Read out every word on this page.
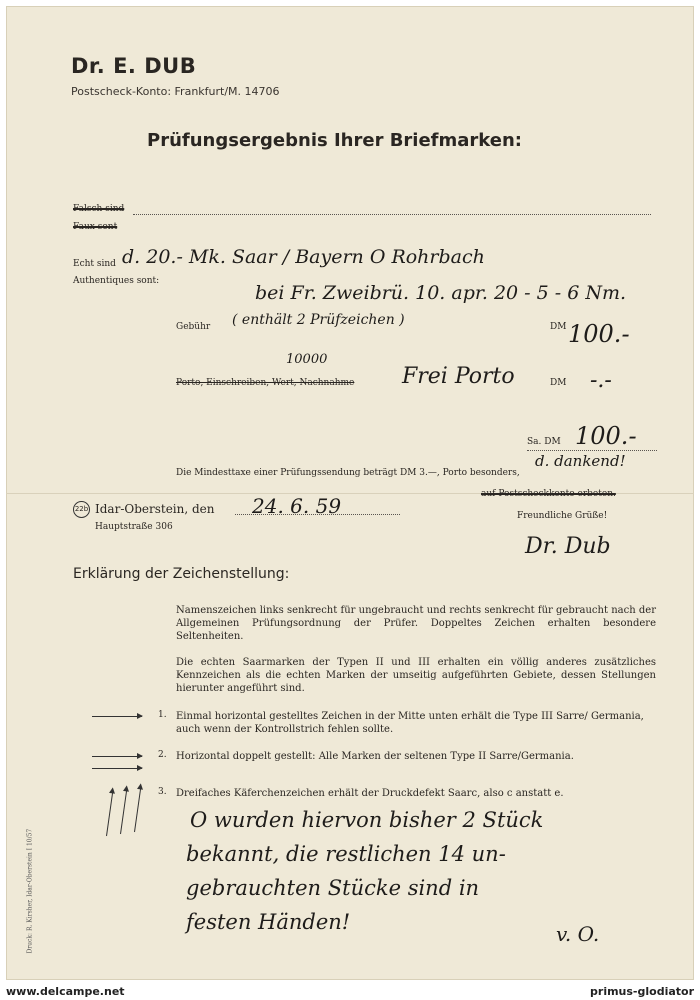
Dr. E. DUB
Postscheck-Konto: Frankfurt/M. 14706
Prüfungsergebnis Ihrer Briefmarken:
Falsch sind
Faux sont
Echt sind d. 20.- Mk. Saar / Bayern O Rohrbach
Authentiques sont:
bei Fr. Zweibrü. 10. apr. 20 - 5 - 6 Nm.
Gebühr ( enthält 2 Prüfzeichen )	DM 100.-
10000
Porto, Einschreiben, Wert, Nachnahme Frei Porto	DM -.-
Sa. DM 100.-
d. dankend!
Die Mindesttaxe einer Prüfungssendung beträgt DM 3.—, Porto besonders,
auf Postscheckkonto erbeten.
22b Idar-Oberstein, den 24. 6. 59
Hauptstraße 306
Freundliche Grüße!
Dr. Dub
Erklärung der Zeichenstellung:
Namenszeichen links senkrecht für ungebraucht und rechts senkrecht für gebraucht nach der Allgemeinen Prüfungsordnung der Prüfer. Doppeltes Zeichen erhalten besondere Seltenheiten.
Die echten Saarmarken der Typen II und III erhalten ein völlig anderes zusätzliches Kennzeichen als die echten Marken der umseitig aufgeführten Gebiete, dessen Stellungen hierunter angeführt sind.
1. Einmal horizontal gestelltes Zeichen in der Mitte unten erhält die Type III Sarre/ Germania, auch wenn der Kontrollstrich fehlen sollte.
2. Horizontal doppelt gestellt: Alle Marken der seltenen Type II Sarre/Germania.
3. Dreifaches Käferchenzeichen erhält der Druckdefekt Saarc, also c anstatt e.
O wurden hiervon bisher 2 Stück
bekannt, die restlichen 14 un-
gebrauchten Stücke sind in
festen Händen!	v. O.
Druck: R. Kirsher, Idar-Oberstein I 10/57
www.delcampe.net	primus-glodiator
